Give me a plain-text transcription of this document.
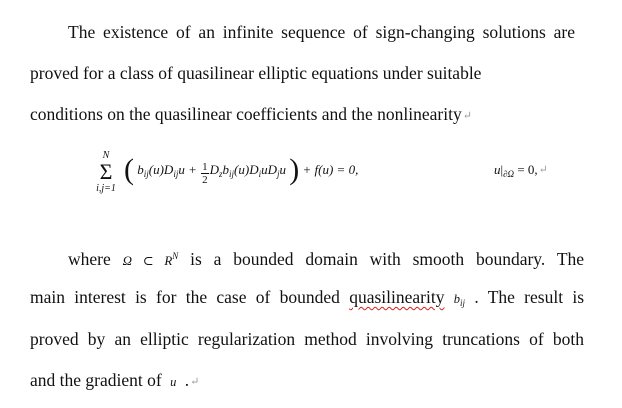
The existence of an infinite sequence of sign-changing solutions are
proved for a class of quasilinear elliptic equations under suitable
conditions on the quasilinear coefficients and the nonlinearity↵
N
Σ
i,j=1
( $b_{ij}(u)D_{ij}u + \frac{1}{2} D_zb_{ij}(u)D_iuD_ju$ ) + f(u) = 0,	$u|_{\partial\Omega}$ = 0,↵
where Ω ⊂ $R^N$ is a bounded domain with smooth boundary. The
main interest is for the case of bounded quasilinearity $b_{ij}$ . The result is
proved by an elliptic regularization method involving truncations of both
and the gradient of u .↵
